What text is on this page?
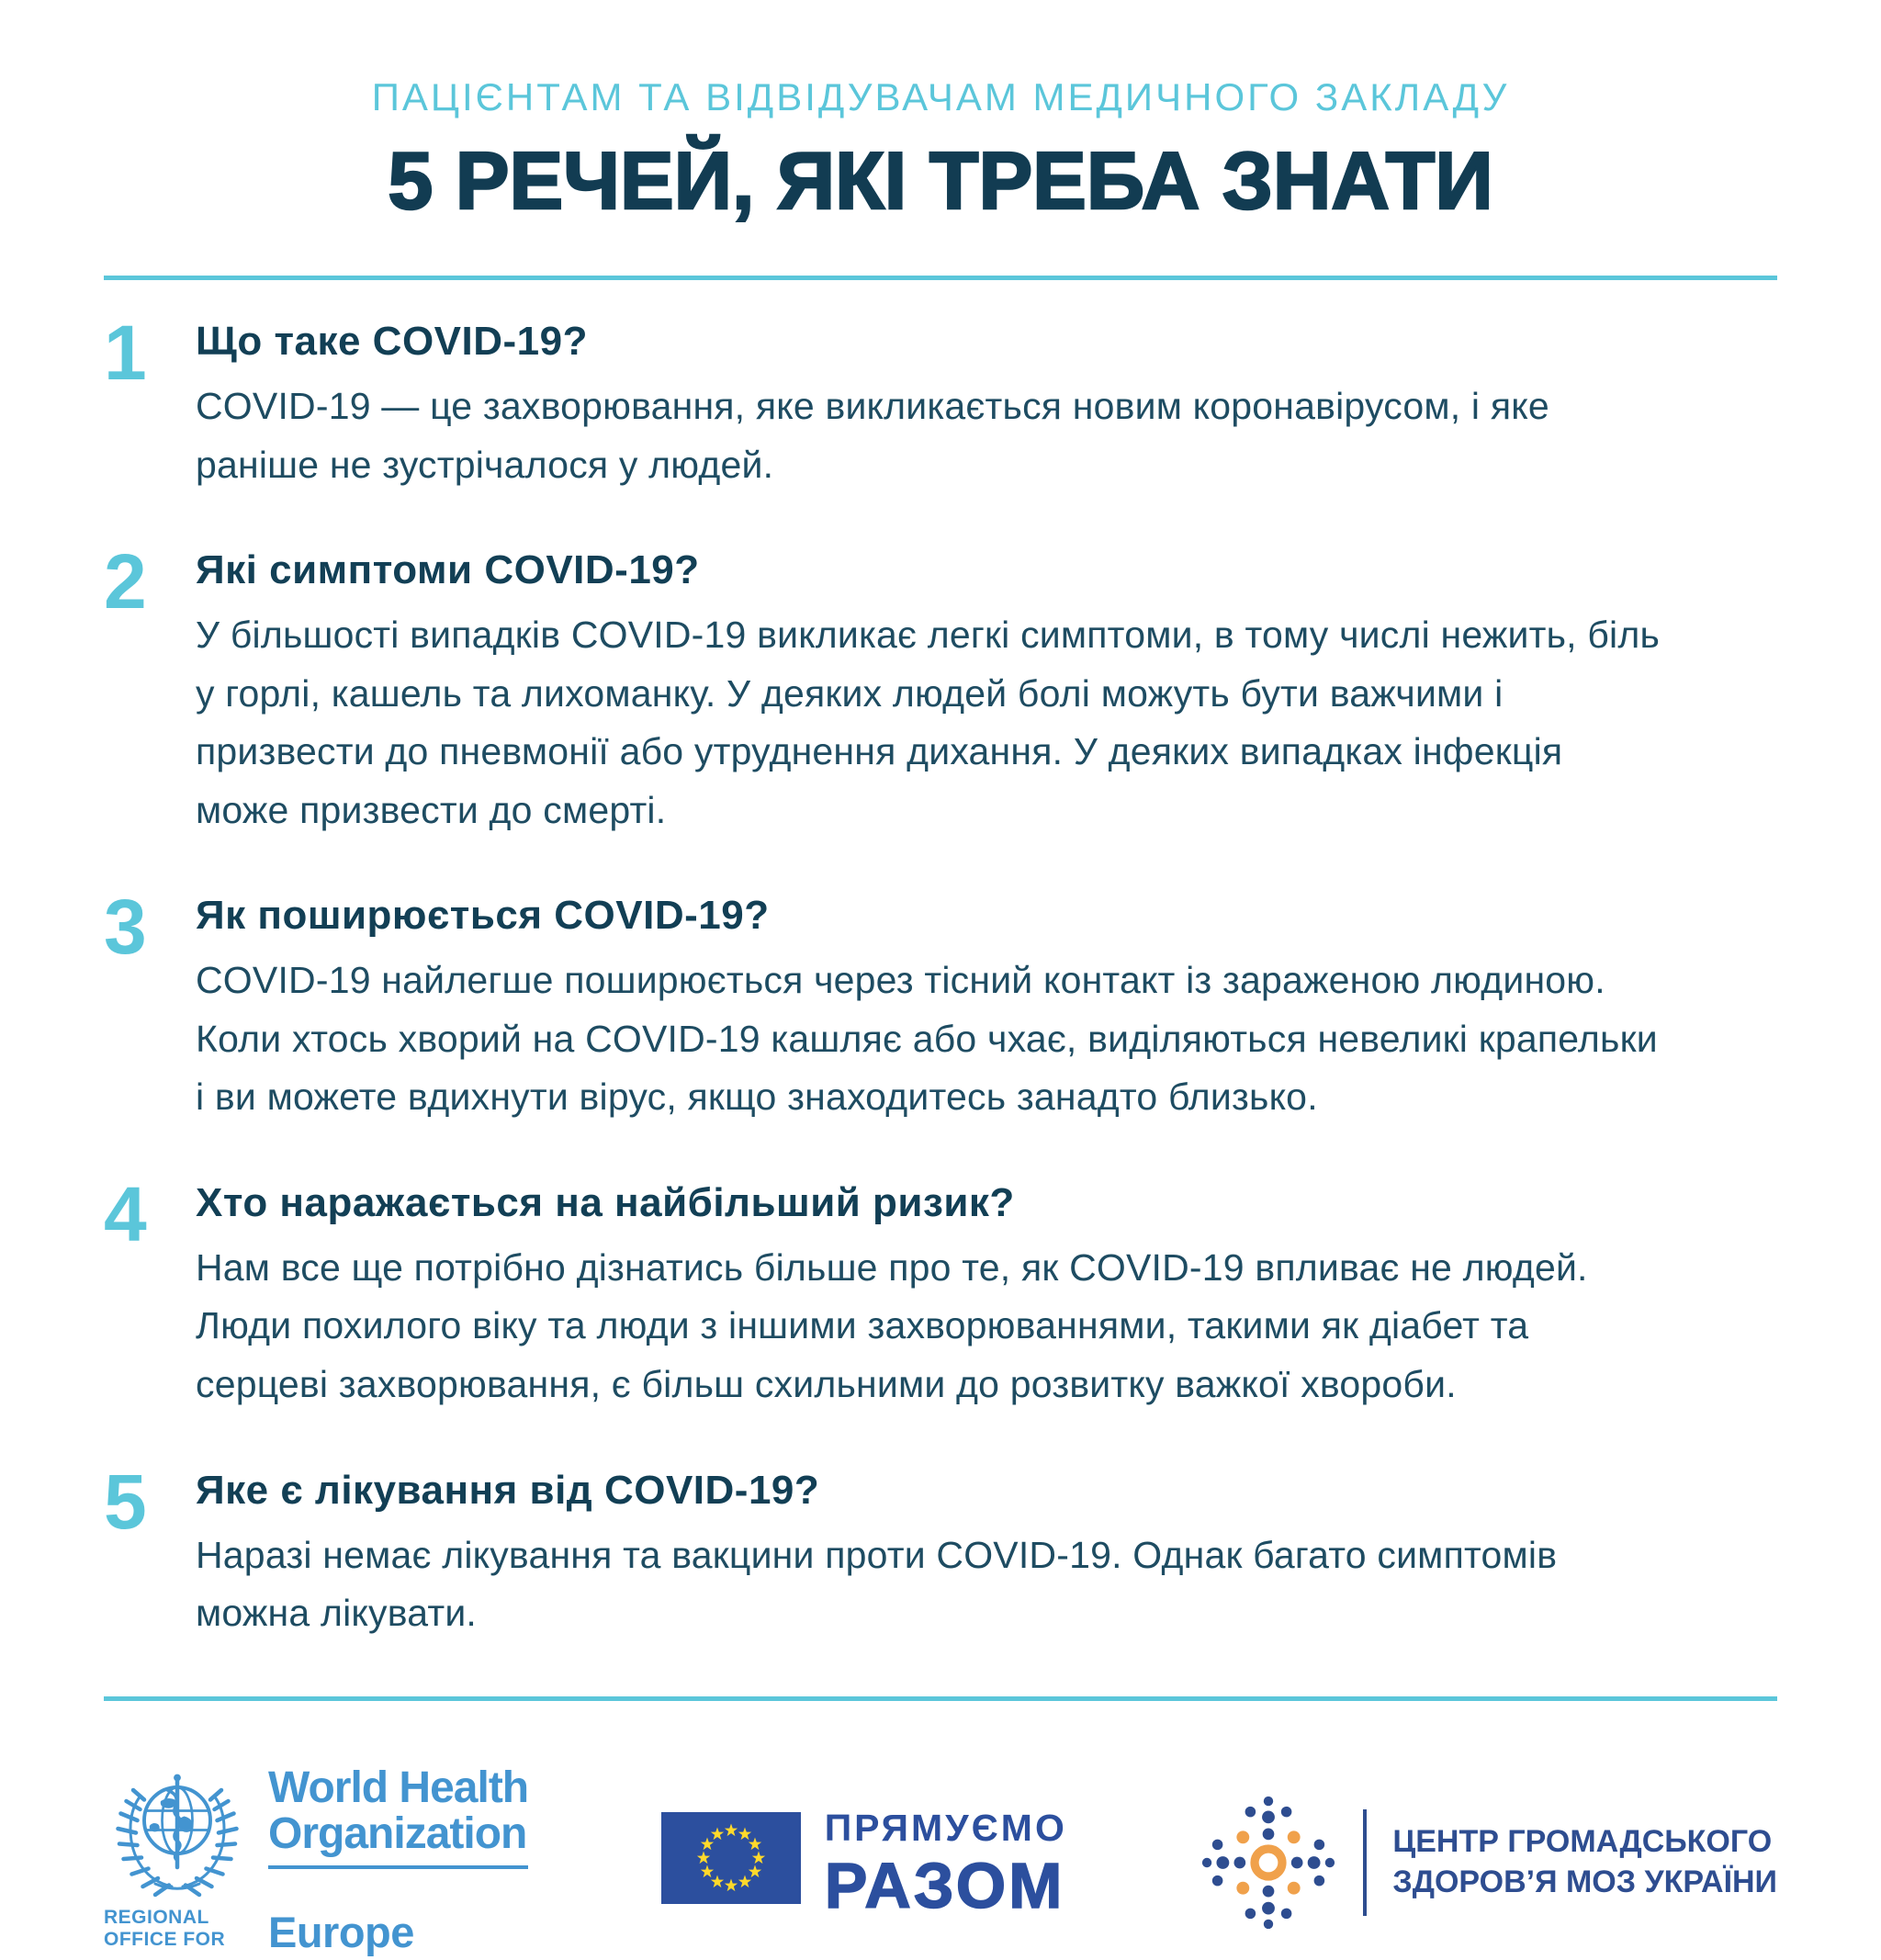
ПАЦІЄНТАМ ТА ВІДВІДУВАЧАМ МЕДИЧНОГО ЗАКЛАДУ
5 РЕЧЕЙ, ЯКІ ТРЕБА ЗНАТИ
1	Що таке COVID-19?

COVID-19 — це захворювання, яке викликається новим коронавірусом, і яке раніше не зустрічалося у людей.

2	Які симптоми COVID-19?

У більшості випадків COVID-19 викликає легкі симптоми, в тому числі нежить, біль у горлі, кашель та лихоманку. У деяких людей болі можуть бути важчими і призвести до пневмонії або утруднення дихання. У деяких випадках інфекція може призвести до смерті.

3	Як поширюється COVID-19?

COVID-19 найлегше поширюється через тісний контакт із зараженою людиною. Коли хтось хворий на COVID-19 кашляє або чхає, виділяються невеликі крапельки і ви можете вдихнути вірус, якщо знаходитесь занадто близько.

4	Хто наражається на найбільший ризик?

Нам все ще потрібно дізнатись більше про те, як COVID-19 впливає не людей. Люди похилого віку та люди з іншими захворюваннями, такими як діабет та серцеві захворювання, є більш схильними до розвитку важкої хвороби.

5	Яке є лікування від COVID-19?

Наразі немає лікування та вакцини проти COVID-19. Однак багато симптомів можна лікувати.

World Health
Organization
REGIONAL OFFICE FOR Europe
ПРЯМУЄМО
РАЗОМ
ЦЕНТР ГРОМАДСЬКОГО
ЗДОРОВ’Я МОЗ УКРАЇНИ
